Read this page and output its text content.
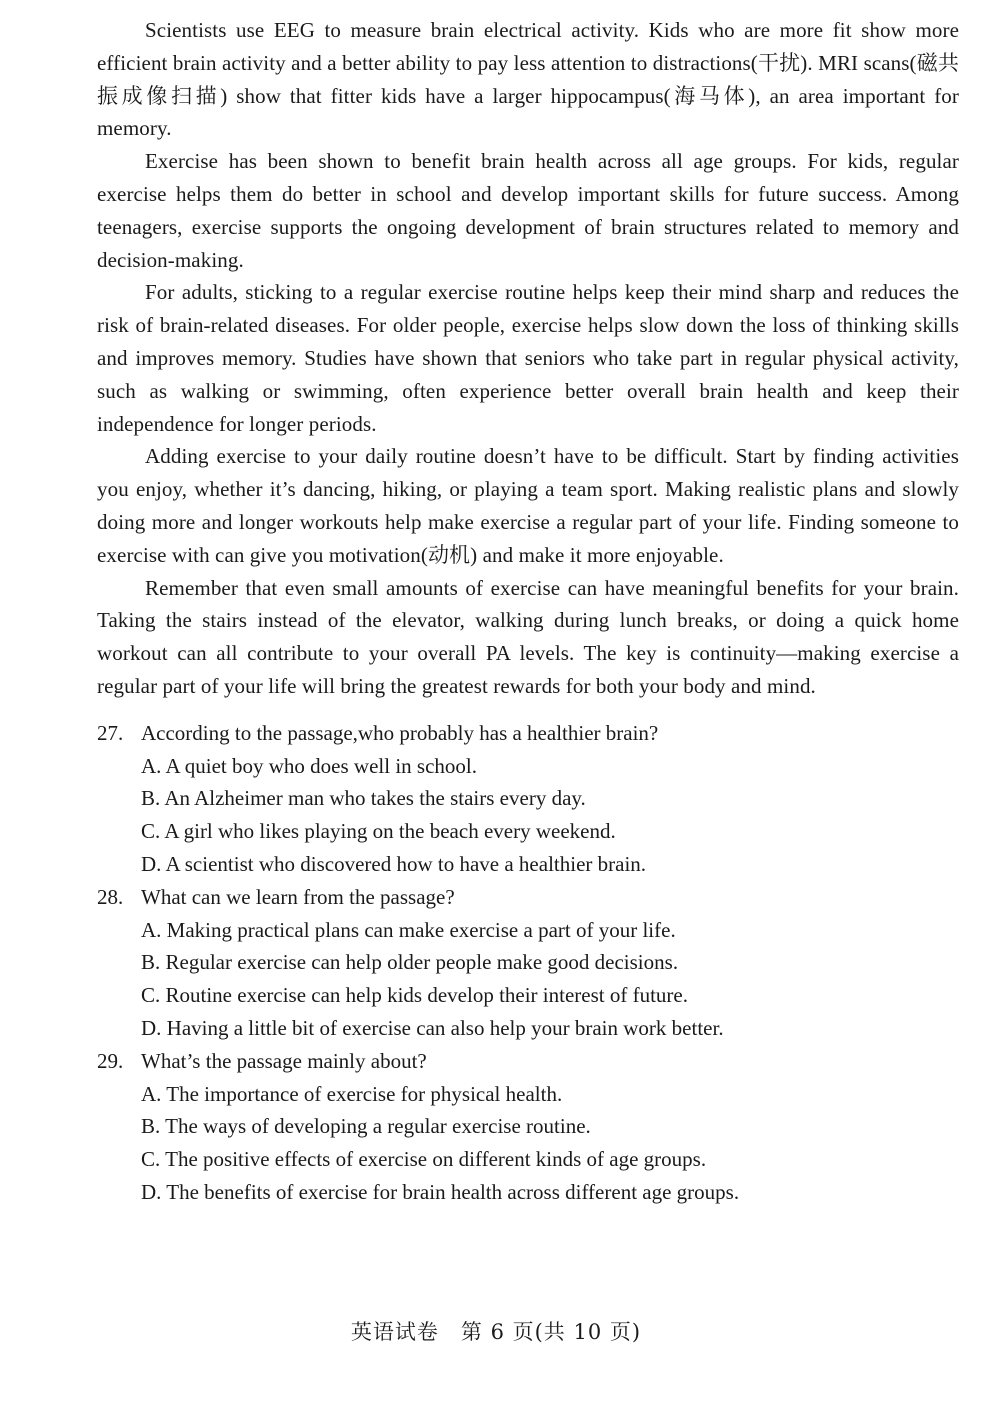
Scientists use EEG to measure brain electrical activity. Kids who are more fit show more efficient brain activity and a better ability to pay less attention to distractions(干扰). MRI scans(磁共振成像扫描) show that fitter kids have a larger hippocampus(海马体), an area important for memory.

Exercise has been shown to benefit brain health across all age groups. For kids, regular exercise helps them do better in school and develop important skills for future success. Among teenagers, exercise supports the ongoing development of brain structures related to memory and decision-making.

For adults, sticking to a regular exercise routine helps keep their mind sharp and reduces the risk of brain-related diseases. For older people, exercise helps slow down the loss of thinking skills and improves memory. Studies have shown that seniors who take part in regular physical activity, such as walking or swimming, often experience better overall brain health and keep their independence for longer periods.

Adding exercise to your daily routine doesn’t have to be difficult. Start by finding activities you enjoy, whether it’s dancing, hiking, or playing a team sport. Making realistic plans and slowly doing more and longer workouts help make exercise a regular part of your life. Finding someone to exercise with can give you motivation(动机) and make it more enjoyable.

Remember that even small amounts of exercise can have meaningful benefits for your brain. Taking the stairs instead of the elevator, walking during lunch breaks, or doing a quick home workout can all contribute to your overall PA levels. The key is continuity—making exercise a regular part of your life will bring the greatest rewards for both your body and mind.

27. According to the passage,who probably has a healthier brain?
A. A quiet boy who does well in school.
B. An Alzheimer man who takes the stairs every day.
C. A girl who likes playing on the beach every weekend.
D. A scientist who discovered how to have a healthier brain.
28. What can we learn from the passage?
A. Making practical plans can make exercise a part of your life.
B. Regular exercise can help older people make good decisions.
C. Routine exercise can help kids develop their interest of future.
D. Having a little bit of exercise can also help your brain work better.
29. What’s the passage mainly about?
A. The importance of exercise for physical health.
B. The ways of developing a regular exercise routine.
C. The positive effects of exercise on different kinds of age groups.
D. The benefits of exercise for brain health across different age groups.
英语试卷　第 6 页(共 10 页)
